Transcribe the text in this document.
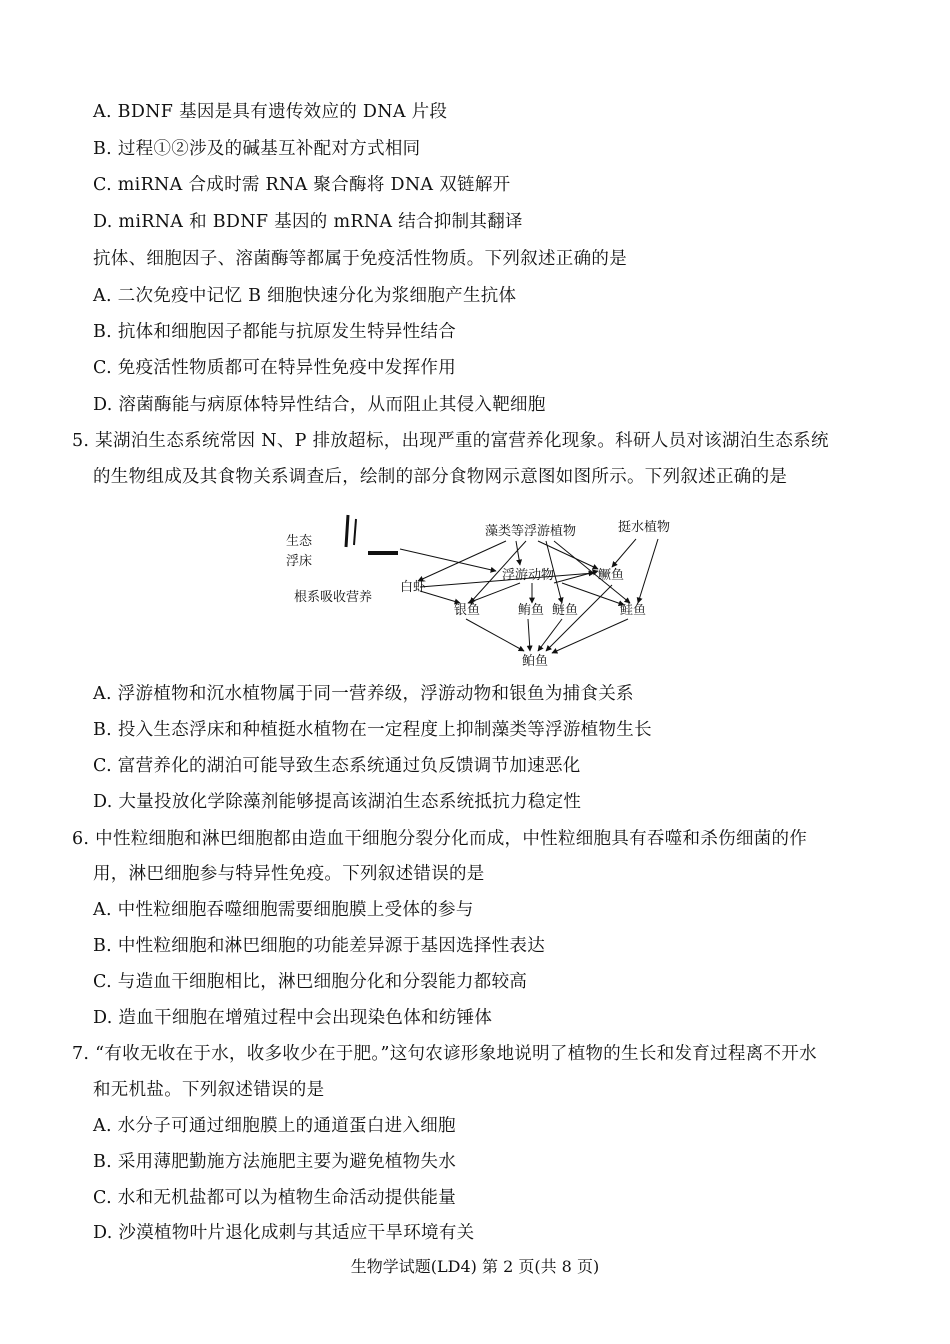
A. BDNF 基因是具有遗传效应的 DNA 片段
B. 过程①②涉及的碱基互补配对方式相同
C. miRNA 合成时需 RNA 聚合酶将 DNA 双链解开
D. miRNA 和 BDNF 基因的 mRNA 结合抑制其翻译
抗体、细胞因子、溶菌酶等都属于免疫活性物质。下列叙述正确的是
A. 二次免疫中记忆 B 细胞快速分化为浆细胞产生抗体
B. 抗体和细胞因子都能与抗原发生特异性结合
C. 免疫活性物质都可在特异性免疫中发挥作用
D. 溶菌酶能与病原体特异性结合，从而阻止其侵入靶细胞
5. 某湖泊生态系统常因 N、P 排放超标，出现严重的富营养化现象。科研人员对该湖泊生态系统
的生物组成及其食物关系调查后，绘制的部分食物网示意图如图所示。下列叙述正确的是
生态
浮床
根系吸收营养
藻类等浮游植物	挺水植物
浮游动物
白虾
银鱼	鲔鱼 鲢鱼
鳜鱼
鲑鱼
鲌鱼
A. 浮游植物和沉水植物属于同一营养级，浮游动物和银鱼为捕食关系
B. 投入生态浮床和种植挺水植物在一定程度上抑制藻类等浮游植物生长
C. 富营养化的湖泊可能导致生态系统通过负反馈调节加速恶化
D. 大量投放化学除藻剂能够提高该湖泊生态系统抵抗力稳定性
6. 中性粒细胞和淋巴细胞都由造血干细胞分裂分化而成，中性粒细胞具有吞噬和杀伤细菌的作
用，淋巴细胞参与特异性免疫。下列叙述错误的是
A. 中性粒细胞吞噬细胞需要细胞膜上受体的参与
B. 中性粒细胞和淋巴细胞的功能差异源于基因选择性表达
C. 与造血干细胞相比，淋巴细胞分化和分裂能力都较高
D. 造血干细胞在增殖过程中会出现染色体和纺锤体
7. “有收无收在于水，收多收少在于肥。”这句农谚形象地说明了植物的生长和发育过程离不开水
和无机盐。下列叙述错误的是
A. 水分子可通过细胞膜上的通道蛋白进入细胞
B. 采用薄肥勤施方法施肥主要为避免植物失水
C. 水和无机盐都可以为植物生命活动提供能量
D. 沙漠植物叶片退化成刺与其适应干旱环境有关
生物学试题(LD4) 第 2 页(共 8 页)
